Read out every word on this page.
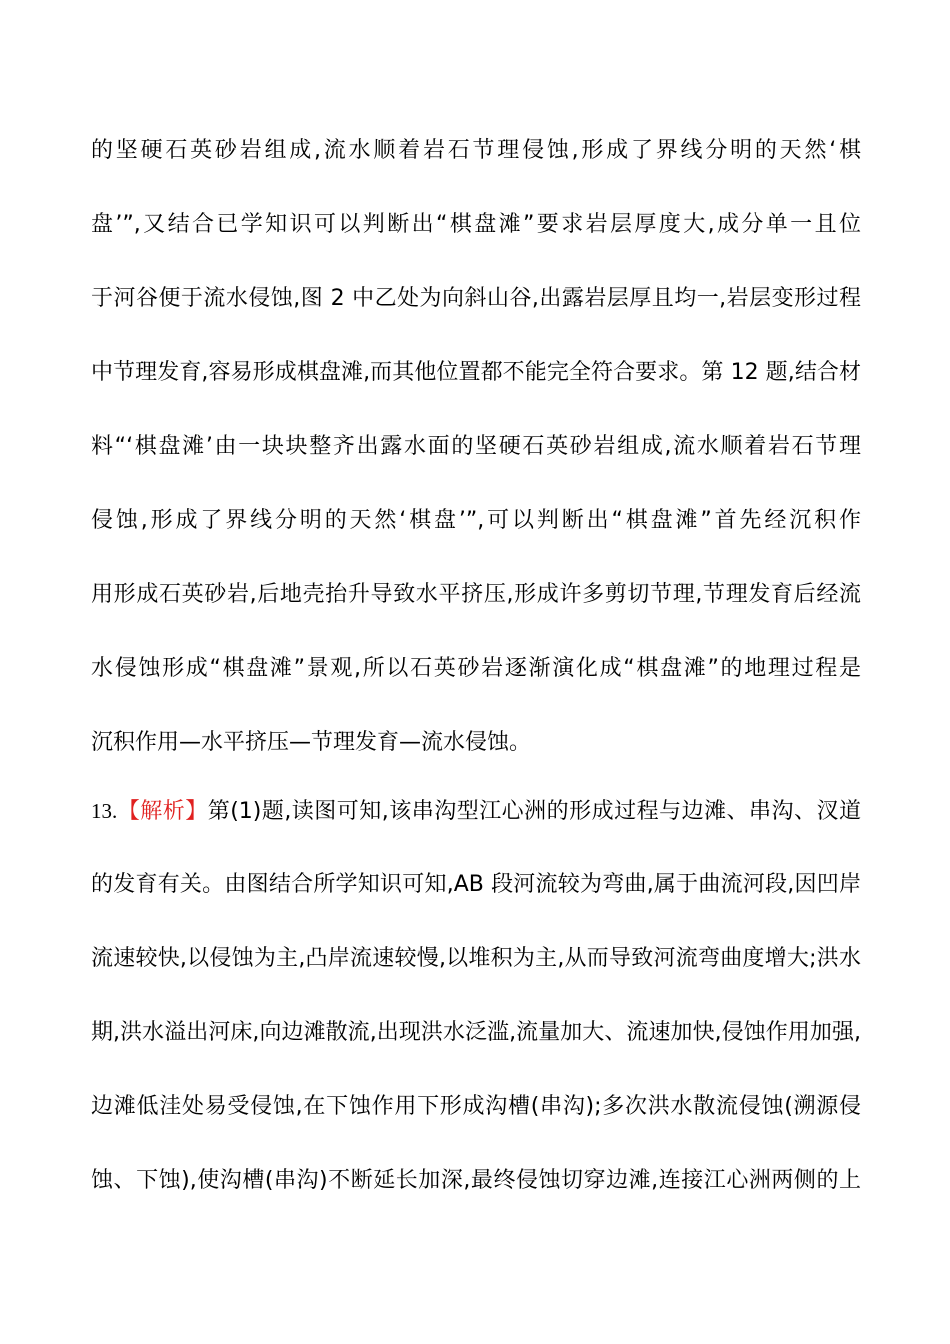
的坚硬石英砂岩组成,流水顺着岩石节理侵蚀,形成了界线分明的天然‘棋
盘’”,又结合已学知识可以判断出“棋盘滩”要求岩层厚度大,成分单一且位
于河谷便于流水侵蚀,图 2 中乙处为向斜山谷,出露岩层厚且均一,岩层变形过程
中节理发育,容易形成棋盘滩,而其他位置都不能完全符合要求。第 12 题,结合材
料“‘棋盘滩’由一块块整齐出露水面的坚硬石英砂岩组成,流水顺着岩石节理
侵蚀,形成了界线分明的天然‘棋盘’”,可以判断出“棋盘滩”首先经沉积作
用形成石英砂岩,后地壳抬升导致水平挤压,形成许多剪切节理,节理发育后经流
水侵蚀形成“棋盘滩”景观,所以石英砂岩逐渐演化成“棋盘滩”的地理过程是
沉积作用—水平挤压—节理发育—流水侵蚀。
13.【解析】第(1)题,读图可知,该串沟型江心洲的形成过程与边滩、串沟、汊道
的发育有关。由图结合所学知识可知,AB 段河流较为弯曲,属于曲流河段,因凹岸
流速较快,以侵蚀为主,凸岸流速较慢,以堆积为主,从而导致河流弯曲度增大;洪水
期,洪水溢出河床,向边滩散流,出现洪水泛滥,流量加大、流速加快,侵蚀作用加强,
边滩低洼处易受侵蚀,在下蚀作用下形成沟槽(串沟);多次洪水散流侵蚀(溯源侵
蚀、下蚀),使沟槽(串沟)不断延长加深,最终侵蚀切穿边滩,连接江心洲两侧的上
